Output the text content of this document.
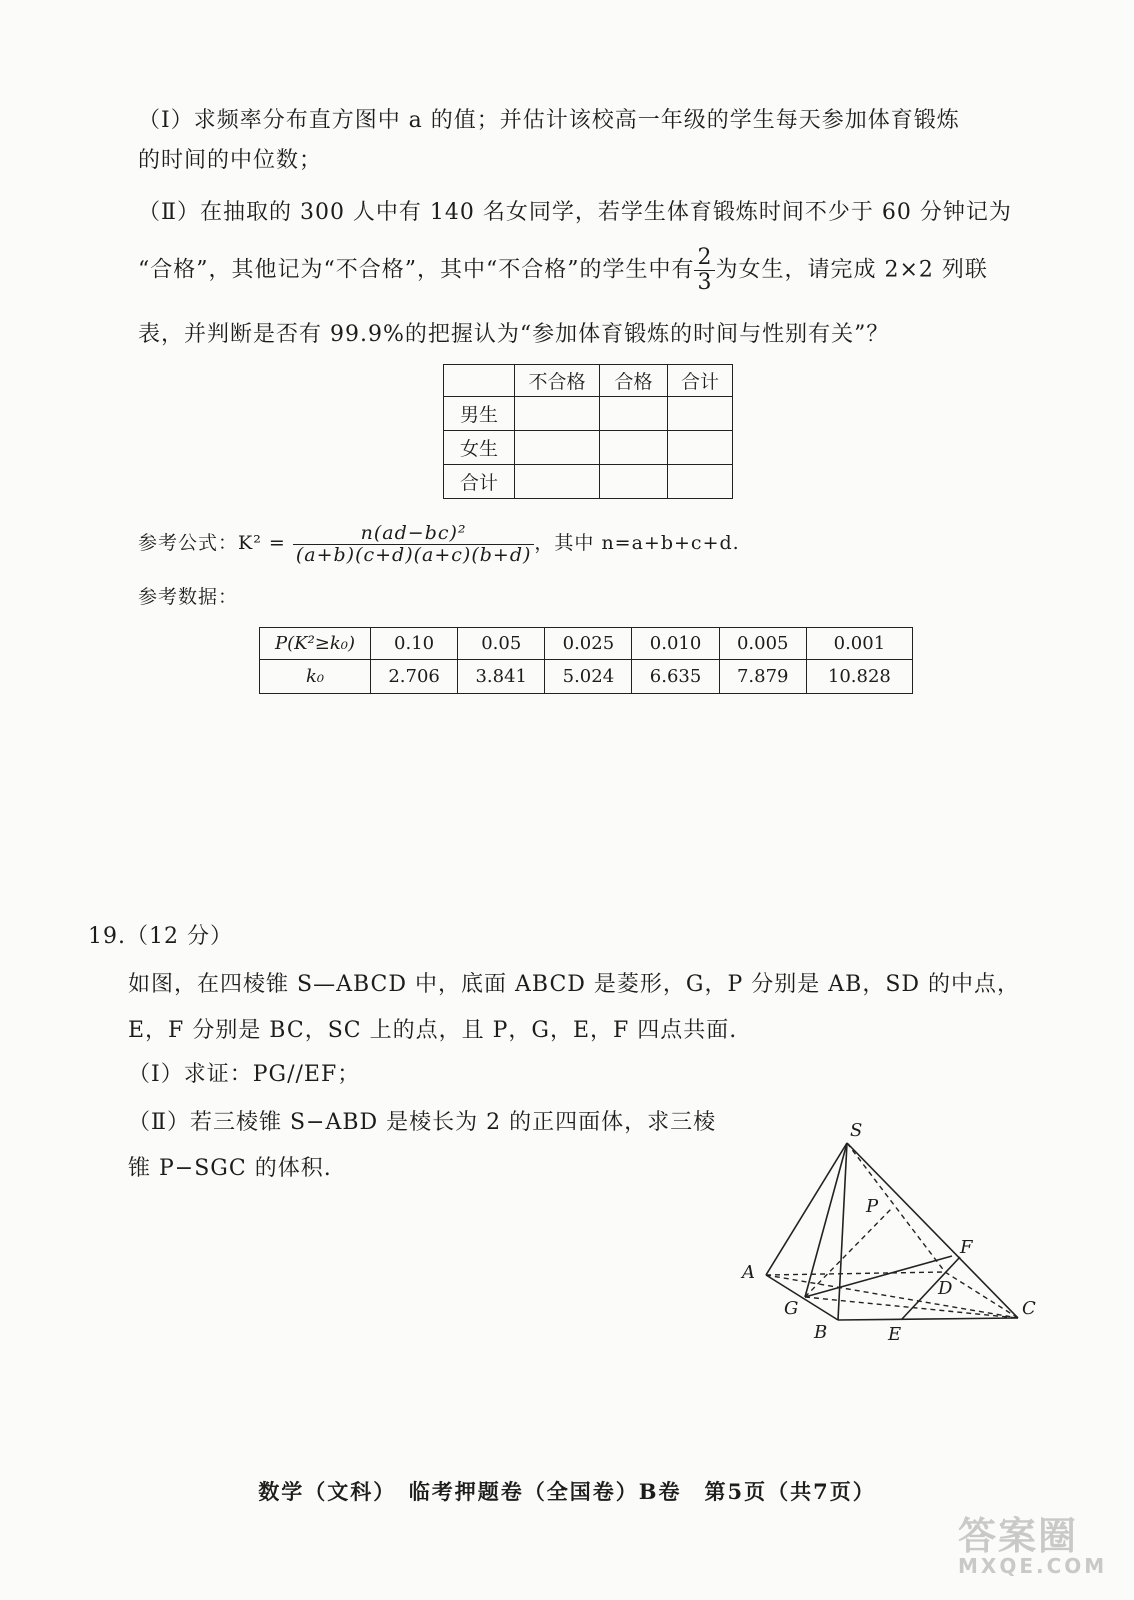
（Ⅰ）求频率分布直方图中 a 的值；并估计该校高一年级的学生每天参加体育锻炼
的时间的中位数；
（Ⅱ）在抽取的 300 人中有 140 名女同学，若学生体育锻炼时间不少于 60 分钟记为
“合格”，其他记为“不合格”，其中“不合格”的学生中有 $\frac{2}{3}$ 为女生，请完成 2×2 列联
表，并判断是否有 99.9%的把握认为“参加体育锻炼的时间与性别有关”？
	不合格	合格	合计
男生			
女生			
合计			
参考公式：$K^2 = \frac{\text{n(ad−bc)²}}{(a+b)(c+d)(a+c)(b+d)}$ ，其中 n=a+b+c+d.
参考数据：
P(K²≥k₀)	0.10	0.05	0.025	0.010	0.005	0.001
k₀	2.706	3.841	5.024	6.635	7.879	10.828
19.（12 分）
如图，在四棱锥 S—ABCD 中，底面 ABCD 是菱形，G，P 分别是 AB，SD 的中点，
E，F 分别是 BC，SC 上的点，且 P，G，E，F 四点共面.
（Ⅰ）求证：PG//EF；
（Ⅱ）若三棱锥 S−ABD 是棱长为 2 的正四面体，求三棱
锥 P−SGC 的体积.
S
P
F
A
D
G	C
B	E
数学（文科）　临考押题卷（全国卷）B卷　第5页（共7页）
答案圈
MXQE.COM
